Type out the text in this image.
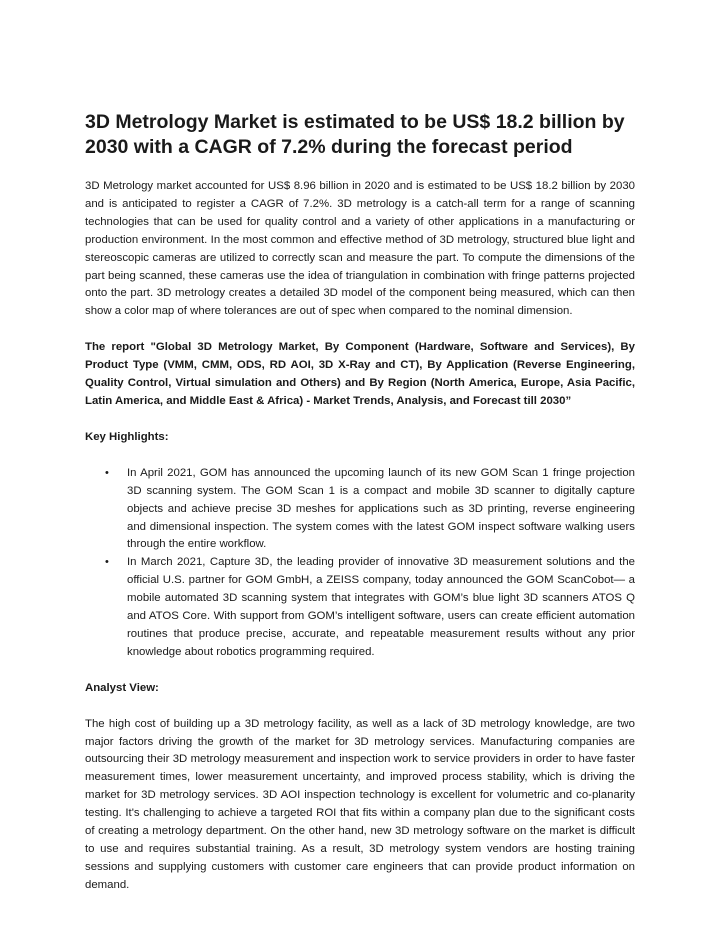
3D Metrology Market is estimated to be US$ 18.2 billion by 2030 with a CAGR of 7.2% during the forecast period

3D Metrology market accounted for US$ 8.96 billion in 2020 and is estimated to be US$ 18.2 billion by 2030 and is anticipated to register a CAGR of 7.2%. 3D metrology is a catch-all term for a range of scanning technologies that can be used for quality control and a variety of other applications in a manufacturing or production environment. In the most common and effective method of 3D metrology, structured blue light and stereoscopic cameras are utilized to correctly scan and measure the part. To compute the dimensions of the part being scanned, these cameras use the idea of triangulation in combination with fringe patterns projected onto the part. 3D metrology creates a detailed 3D model of the component being measured, which can then show a color map of where tolerances are out of spec when compared to the nominal dimension.

The report "Global 3D Metrology Market, By Component (Hardware, Software and Services), By Product Type (VMM, CMM, ODS, RD AOI, 3D X-Ray and CT), By Application (Reverse Engineering, Quality Control, Virtual simulation and Others) and By Region (North America, Europe, Asia Pacific, Latin America, and Middle East & Africa) - Market Trends, Analysis, and Forecast till 2030”

Key Highlights:
• In April 2021, GOM has announced the upcoming launch of its new GOM Scan 1 fringe projection 3D scanning system. The GOM Scan 1 is a compact and mobile 3D scanner to digitally capture objects and achieve precise 3D meshes for applications such as 3D printing, reverse engineering and dimensional inspection. The system comes with the latest GOM inspect software walking users through the entire workflow.
• In March 2021, Capture 3D, the leading provider of innovative 3D measurement solutions and the official U.S. partner for GOM GmbH, a ZEISS company, today announced the GOM ScanCobot— a mobile automated 3D scanning system that integrates with GOM’s blue light 3D scanners ATOS Q and ATOS Core. With support from GOM’s intelligent software, users can create efficient automation routines that produce precise, accurate, and repeatable measurement results without any prior knowledge about robotics programming required.
Analyst View:

The high cost of building up a 3D metrology facility, as well as a lack of 3D metrology knowledge, are two major factors driving the growth of the market for 3D metrology services. Manufacturing companies are outsourcing their 3D metrology measurement and inspection work to service providers in order to have faster measurement times, lower measurement uncertainty, and improved process stability, which is driving the market for 3D metrology services. 3D AOI inspection technology is excellent for volumetric and co-planarity testing. It's challenging to achieve a targeted ROI that fits within a company plan due to the significant costs of creating a metrology department. On the other hand, new 3D metrology software on the market is difficult to use and requires substantial training. As a result, 3D metrology system vendors are hosting training sessions and supplying customers with customer care engineers that can provide product information on demand.
